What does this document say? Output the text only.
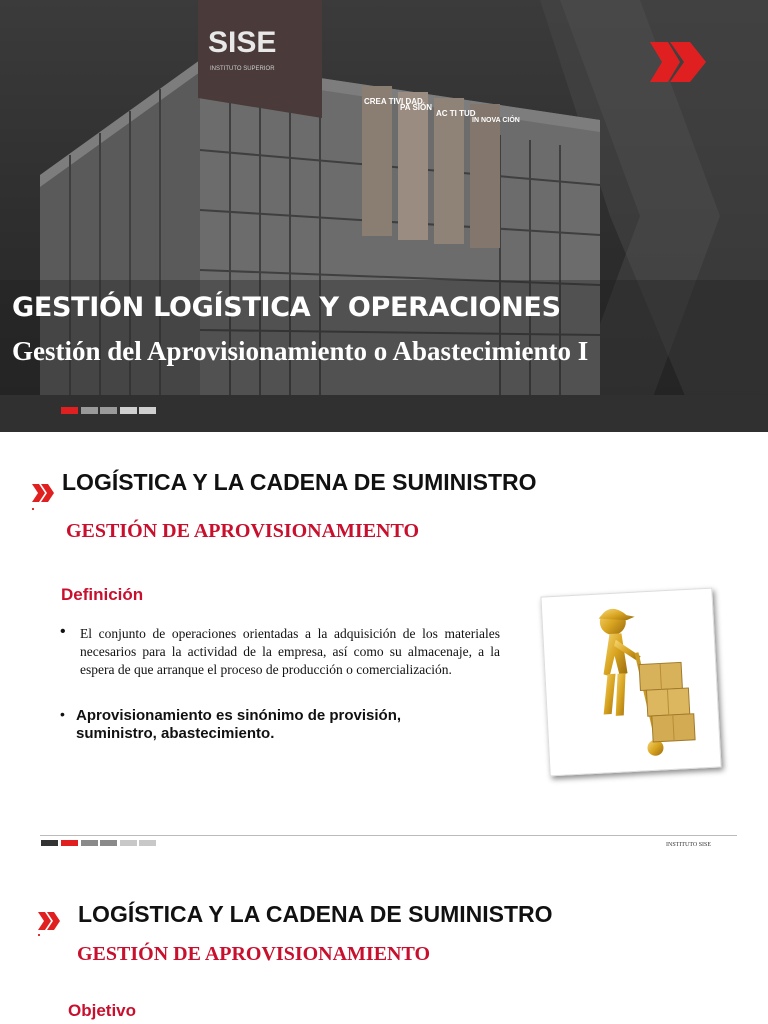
SISE
INSTITUTO SUPERIOR
CREA TIVI DAD
PA SIÓN
AC TI TUD
IN NOVA CIÓN
GESTIÓN LOGÍSTICA Y OPERACIONES
Gestión del Aprovisionamiento o Abastecimiento I
LOGÍSTICA Y LA CADENA DE SUMINISTRO
GESTIÓN DE APROVISIONAMIENTO
Definición
• El conjunto de operaciones orientadas a la adquisición de los materiales necesarios para la actividad de la empresa, así como su almacenaje, a la espera de que arranque el proceso de producción o comercialización.
• Aprovisionamiento es sinónimo de provisión, suministro, abastecimiento.
INSTITUTO SISE
LOGÍSTICA Y LA CADENA DE SUMINISTRO
GESTIÓN DE APROVISIONAMIENTO
Objetivo
